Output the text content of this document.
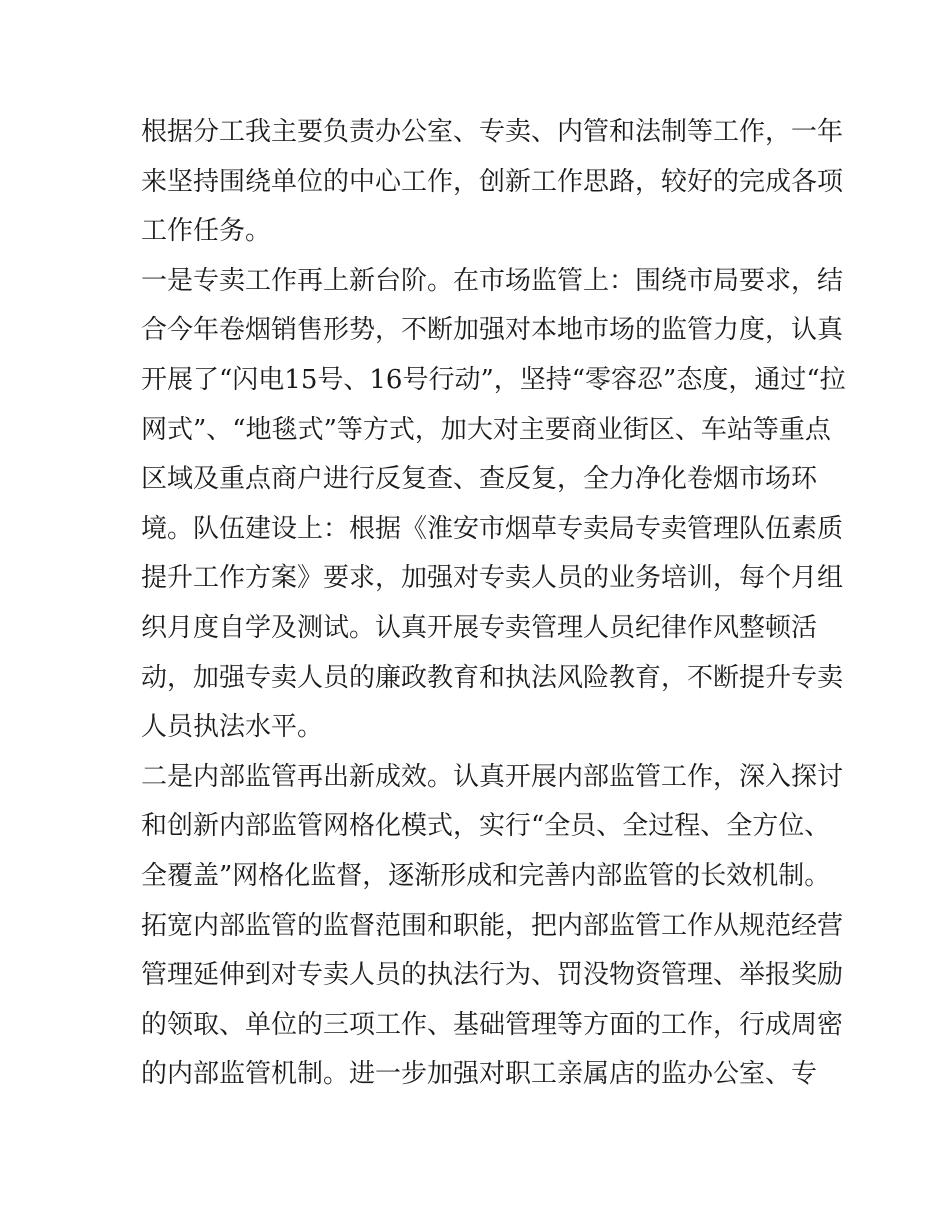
根据分工我主要负责办公室、专卖、内管和法制等工作，一年
来坚持围绕单位的中心工作，创新工作思路，较好的完成各项
工作任务。
一是专卖工作再上新台阶。在市场监管上：围绕市局要求，结
合今年卷烟销售形势，不断加强对本地市场的监管力度，认真
开展了“闪电15号、16号行动”，坚持“零容忍”态度，通过“拉
网式”、“地毯式”等方式，加大对主要商业街区、车站等重点
区域及重点商户进行反复查、查反复，全力净化卷烟市场环
境。队伍建设上：根据《淮安市烟草专卖局专卖管理队伍素质
提升工作方案》要求，加强对专卖人员的业务培训，每个月组
织月度自学及测试。认真开展专卖管理人员纪律作风整顿活
动，加强专卖人员的廉政教育和执法风险教育，不断提升专卖
人员执法水平。
二是内部监管再出新成效。认真开展内部监管工作，深入探讨
和创新内部监管网格化模式，实行“全员、全过程、全方位、
全覆盖”网格化监督，逐渐形成和完善内部监管的长效机制。
拓宽内部监管的监督范围和职能，把内部监管工作从规范经营
管理延伸到对专卖人员的执法行为、罚没物资管理、举报奖励
的领取、单位的三项工作、基础管理等方面的工作，行成周密
的内部监管机制。进一步加强对职工亲属店的监办公室、专
